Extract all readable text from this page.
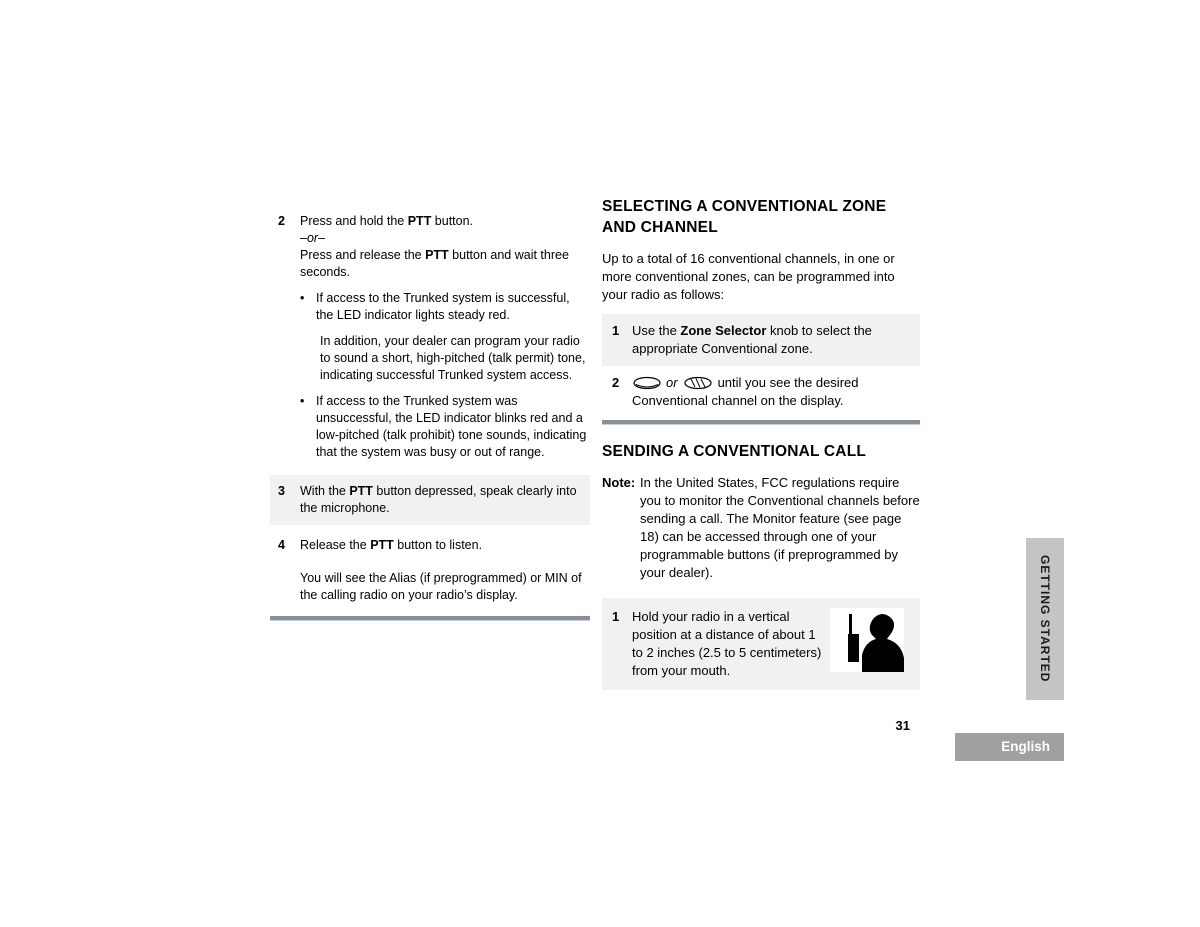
2	Press and hold the PTT button.
–or–
Press and release the PTT button and wait three seconds.
• If access to the Trunked system is successful, the LED indicator lights steady red.
In addition, your dealer can program your radio to sound a short, high-pitched (talk permit) tone, indicating successful Trunked system access.
• If access to the Trunked system was unsuccessful, the LED indicator blinks red and a low-pitched (talk prohibit) tone sounds, indicating that the system was busy or out of range.
3	With the PTT button depressed, speak clearly into the microphone.
4	Release the PTT button to listen.
You will see the Alias (if preprogrammed) or MIN of the calling radio on your radio’s display.
SELECTING A CONVENTIONAL ZONE AND CHANNEL
Up to a total of 16 conventional channels, in one or more conventional zones, can be programmed into your radio as follows:
1 Use the Zone Selector knob to select the appropriate Conventional zone.
2	or	until you see the desired Conventional channel on the display.
SENDING A CONVENTIONAL CALL
Note: In the United States, FCC regulations require you to monitor the Conventional channels before sending a call. The Monitor feature (see page 18) can be accessed through one of your programmable buttons (if preprogrammed by your dealer).
1 Hold your radio in a vertical position at a distance of about 1 to 2 inches (2.5 to 5 centimeters) from your mouth.
31
GETTING STARTED
English
